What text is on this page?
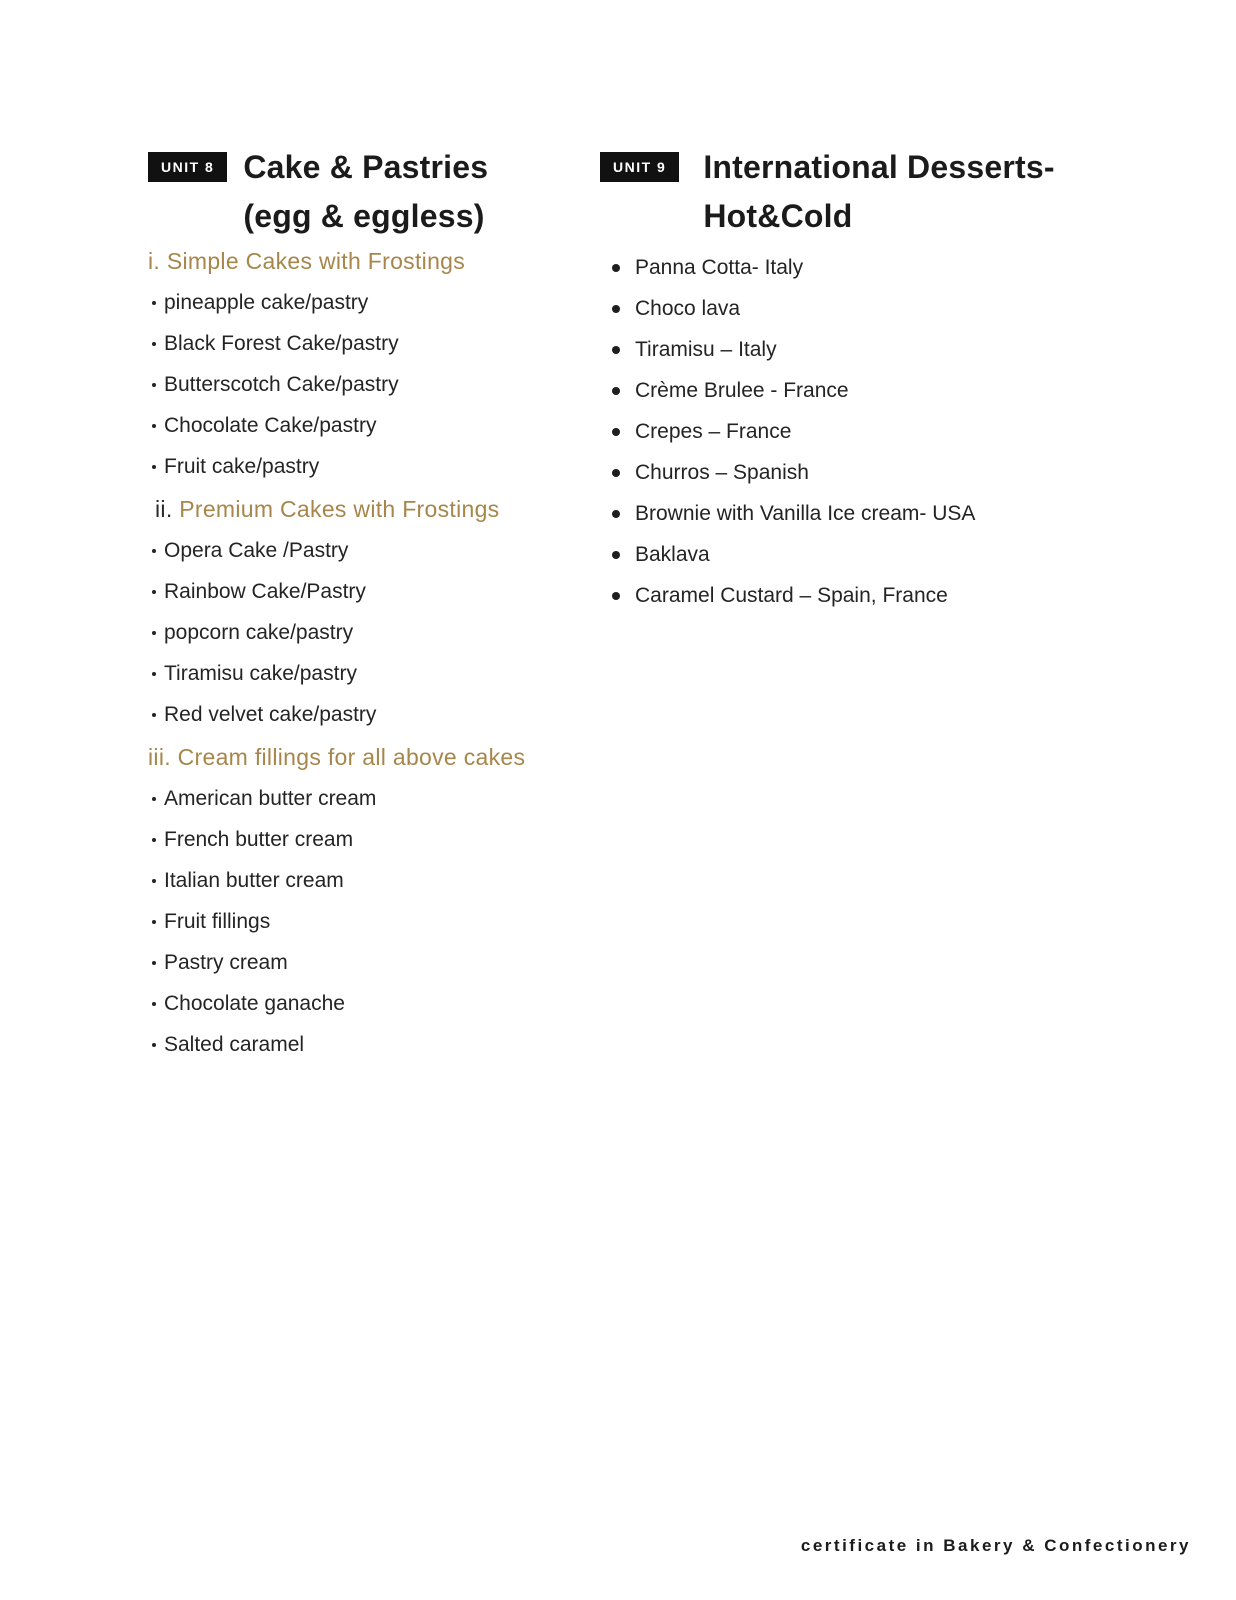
UNIT 8 Cake & Pastries
(egg & eggless)
i. Simple Cakes with Frostings
pineapple cake/pastry
Black Forest Cake/pastry
Butterscotch Cake/pastry
Chocolate Cake/pastry
Fruit cake/pastry
ii. Premium Cakes with Frostings
Opera Cake /Pastry
Rainbow Cake/Pastry
popcorn cake/pastry
Tiramisu cake/pastry
Red velvet cake/pastry
iii. Cream fillings for all above cakes
American butter cream
French butter cream
Italian butter cream
Fruit fillings
Pastry cream
Chocolate ganache
Salted caramel
UNIT 9	International Desserts-
Hot&Cold
Panna Cotta- Italy
Choco lava
Tiramisu – Italy
Crème Brulee - France
Crepes – France
Churros – Spanish
Brownie with Vanilla Ice cream- USA
Baklava
Caramel Custard – Spain, France
certificate in Bakery & Confectionery
